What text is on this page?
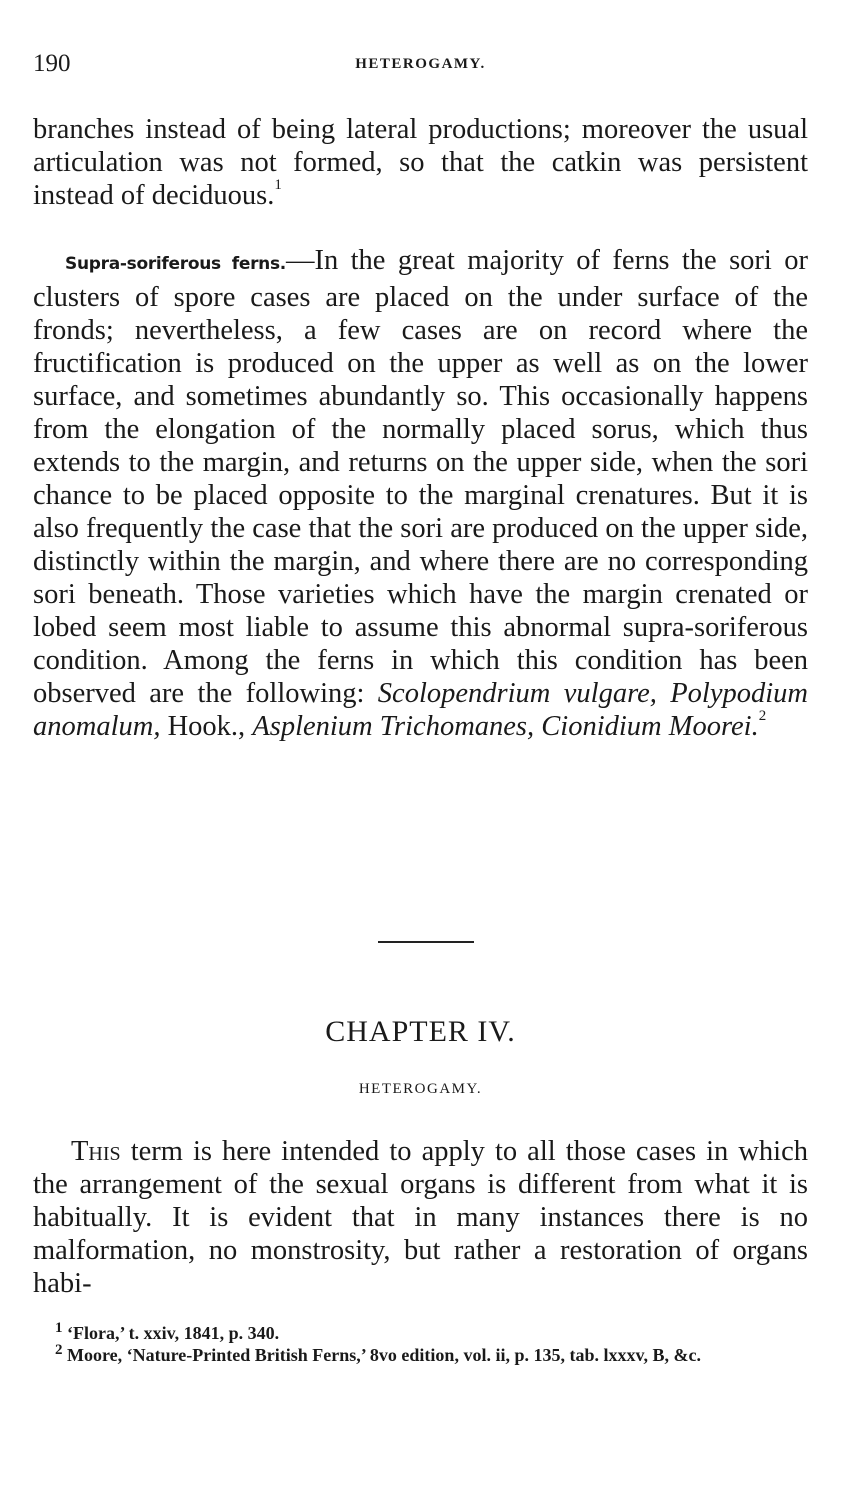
190	HETEROGAMY.

branches instead of being lateral productions; moreover the usual articulation was not formed, so that the catkin was persistent instead of deciduous.$^1$

Supra-soriferous ferns.—In the great majority of ferns the sori or clusters of spore cases are placed on the under surface of the fronds; nevertheless, a few cases are on record where the fructification is produced on the upper as well as on the lower surface, and sometimes abundantly so. This occasionally happens from the elongation of the normally placed sorus, which thus extends to the margin, and returns on the upper side, when the sori chance to be placed opposite to the marginal crenatures. But it is also frequently the case that the sori are produced on the upper side, distinctly within the margin, and where there are no corresponding sori beneath. Those varieties which have the margin crenated or lobed seem most liable to assume this abnormal supra-soriferous condition. Among the ferns in which this condition has been observed are the following: Scolopendrium vulgare, Polypodium anomalum, Hook., Asplenium Trichomanes, Cionidium Moorei.$^2$

CHAPTER IV.
HETEROGAMY.

This term is here intended to apply to all those cases in which the arrangement of the sexual organs is different from what it is habitually. It is evident that in many instances there is no malformation, no monstrosity, but rather a restoration of organs habi-

$^1$ ‘Flora,’ t. xxiv, 1841, p. 340.

$^2$ Moore, ‘Nature-Printed British Ferns,’ 8vo edition, vol. ii, p. 135, tab. lxxxv, B, &c.
